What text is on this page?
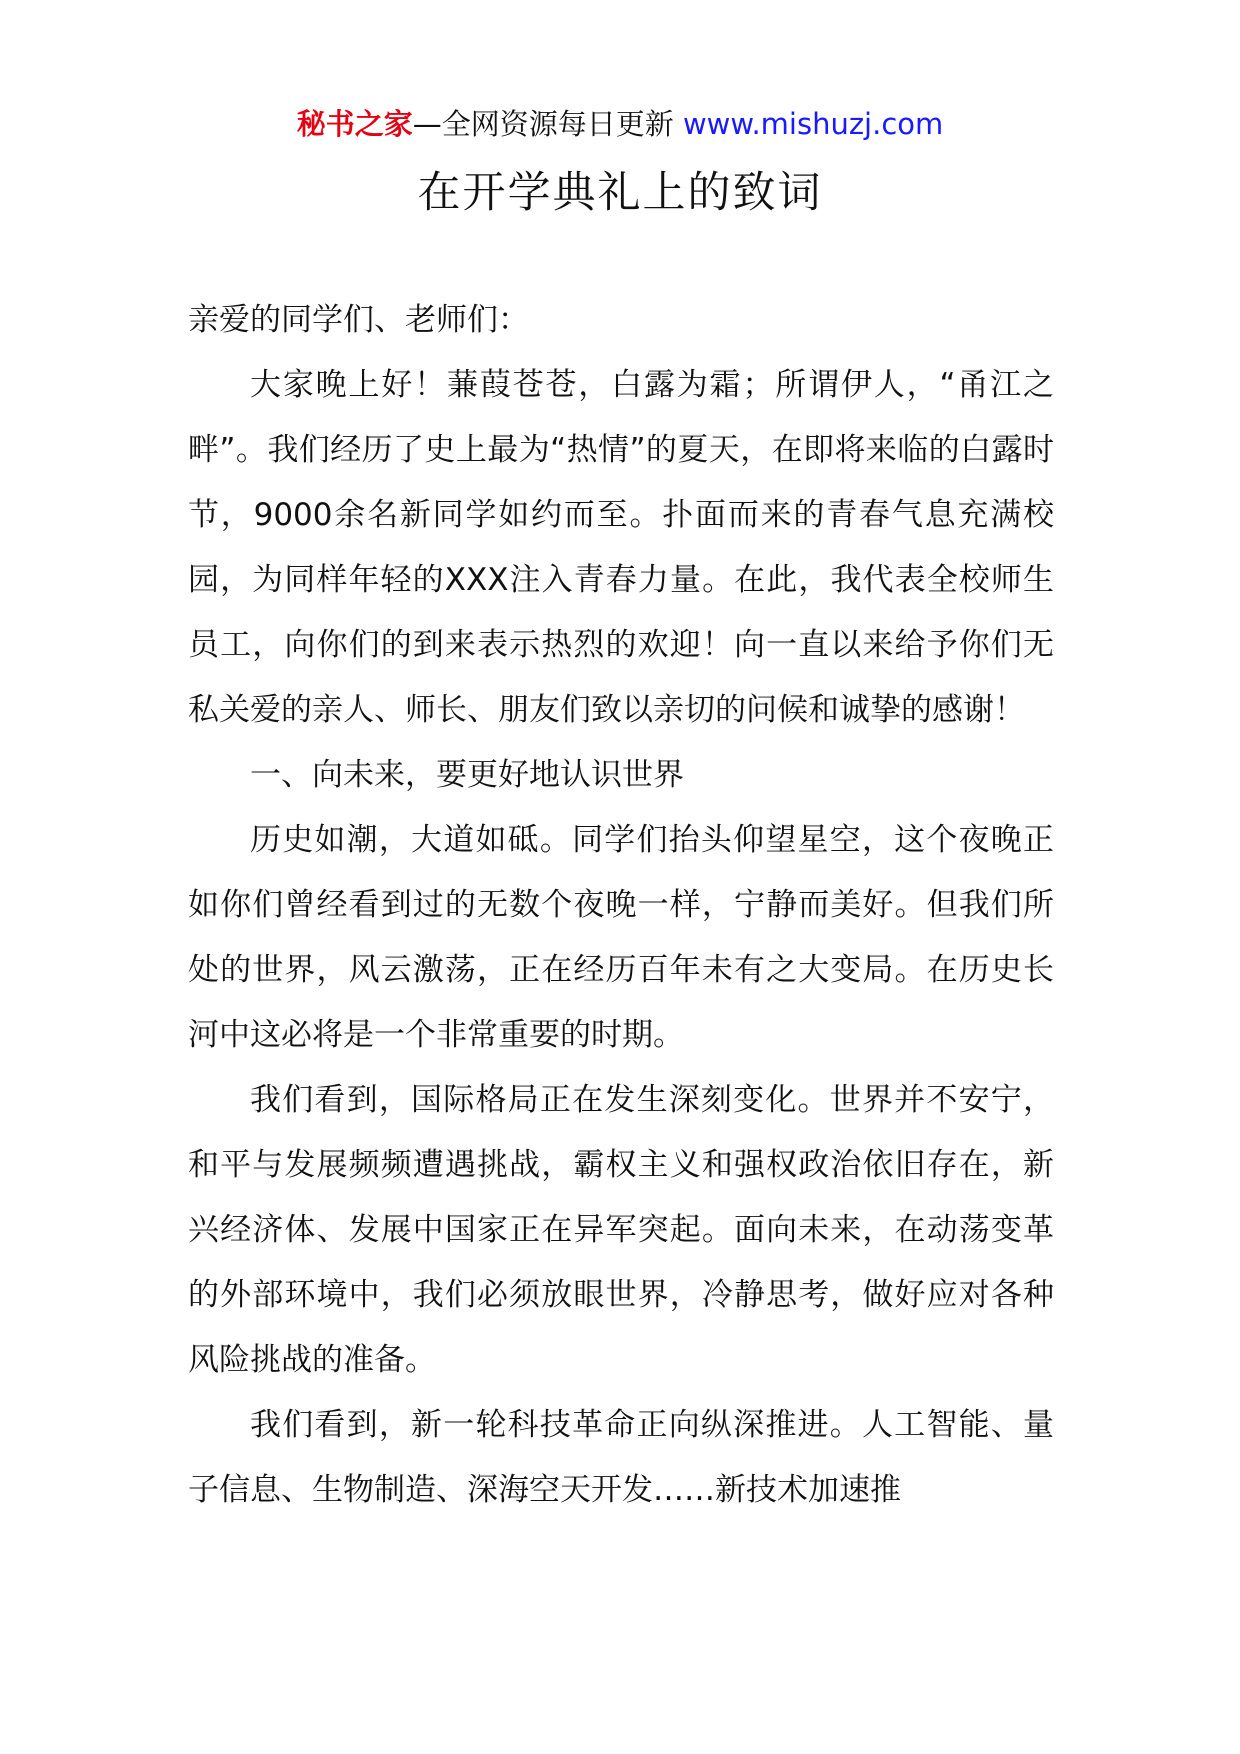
秘书之家—全网资源每日更新 www.mishuzj.com
在开学典礼上的致词

亲爱的同学们、老师们：

大家晚上好！蒹葭苍苍，白露为霜；所谓伊人，“甬江之畔”。我们经历了史上最为“热情”的夏天，在即将来临的白露时节，9000余名新同学如约而至。扑面而来的青春气息充满校园，为同样年轻的XXX注入青春力量。在此，我代表全校师生员工，向你们的到来表示热烈的欢迎！向一直以来给予你们无私关爱的亲人、师长、朋友们致以亲切的问候和诚挚的感谢！

一、向未来，要更好地认识世界

历史如潮，大道如砥。同学们抬头仰望星空，这个夜晚正如你们曾经看到过的无数个夜晚一样，宁静而美好。但我们所处的世界，风云激荡，正在经历百年未有之大变局。在历史长河中这必将是一个非常重要的时期。

我们看到，国际格局正在发生深刻变化。世界并不安宁，和平与发展频频遭遇挑战，霸权主义和强权政治依旧存在，新兴经济体、发展中国家正在异军突起。面向未来，在动荡变革的外部环境中，我们必须放眼世界，冷静思考，做好应对各种风险挑战的准备。

我们看到，新一轮科技革命正向纵深推进。人工智能、量子信息、生物制造、深海空天开发……新技术加速推
